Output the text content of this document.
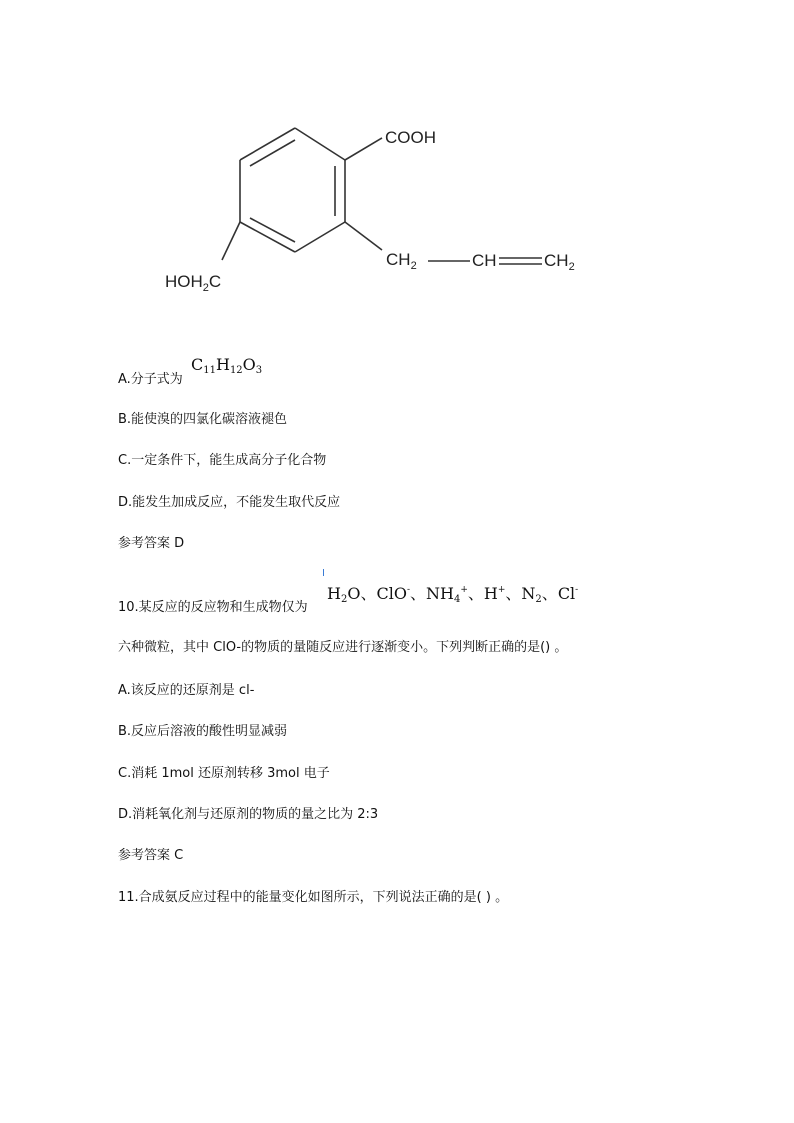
COOH
$HOH_2C$
$CH_2$	CH	$CH_2$
A.分子式为
$C_{11}H_{12}O_3$
B.能使溴的四氯化碳溶液褪色
C.一定条件下，能生成高分子化合物
D.能发生加成反应，不能发生取代反应
参考答案 D
10.某反应的反应物和生成物仅为
$H_2O$、ClO-、$NH_4^+$、H+、$N_2$、Cl-
六种微粒，其中 ClO-的物质的量随反应进行逐渐变小。下列判断正确的是() 。
A.该反应的还原剂是 cl-
B.反应后溶液的酸性明显减弱
C.消耗 1mol 还原剂转移 3mol 电子
D.消耗氧化剂与还原剂的物质的量之比为 2:3
参考答案 C
11.合成氨反应过程中的能量变化如图所示，下列说法正确的是( ) 。
